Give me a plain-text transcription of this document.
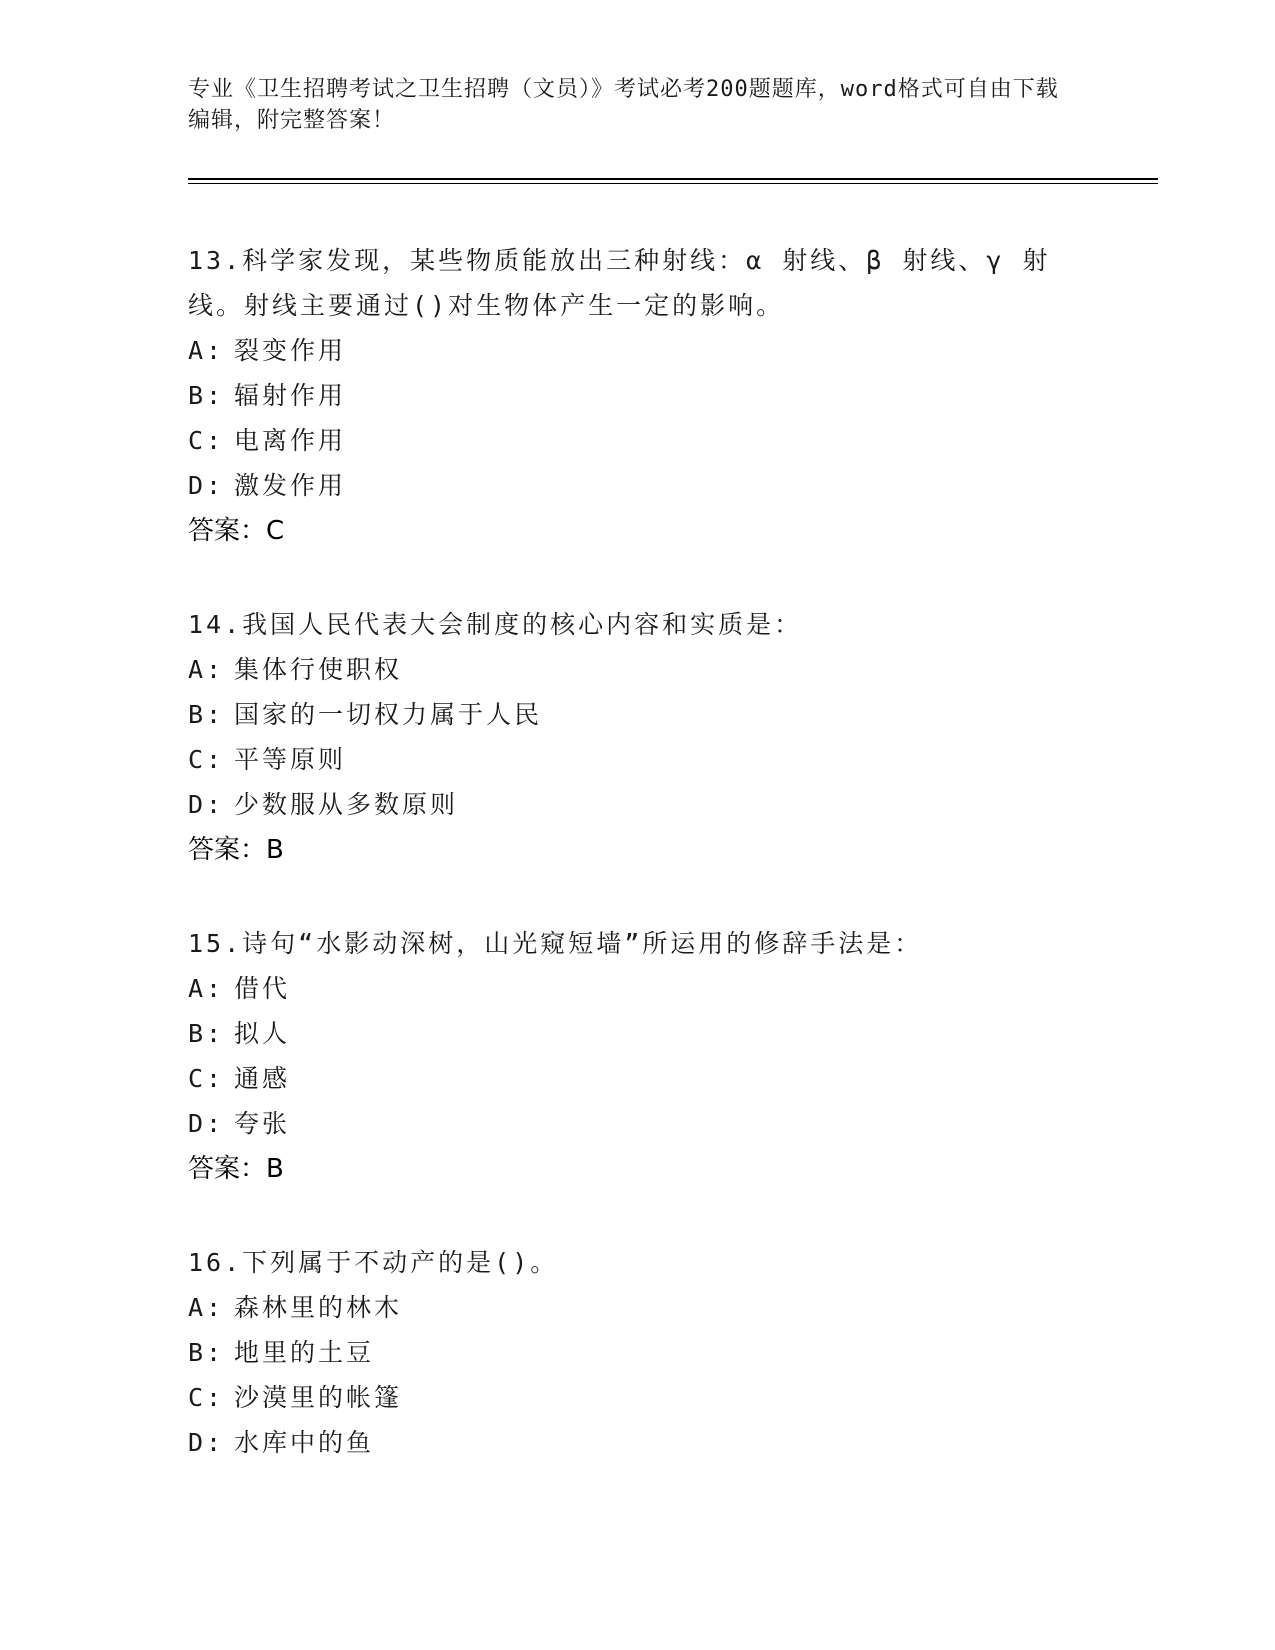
专业《卫生招聘考试之卫生招聘（文员）》考试必考200题题库，word格式可自由下载编辑，附完整答案！

13.科学家发现，某些物质能放出三种射线：α 射线、β 射线、γ 射线。射线主要通过()对生物体产生一定的影响。

A: 裂变作用

B: 辐射作用

C: 电离作用

D: 激发作用

答案：C

14.我国人民代表大会制度的核心内容和实质是：

A: 集体行使职权

B: 国家的一切权力属于人民

C: 平等原则

D: 少数服从多数原则

答案：B

15.诗句“水影动深树，山光窥短墙”所运用的修辞手法是：

A: 借代

B: 拟人

C: 通感

D: 夸张

答案：B

16.下列属于不动产的是()。

A: 森林里的林木

B: 地里的土豆

C: 沙漠里的帐篷

D: 水库中的鱼
